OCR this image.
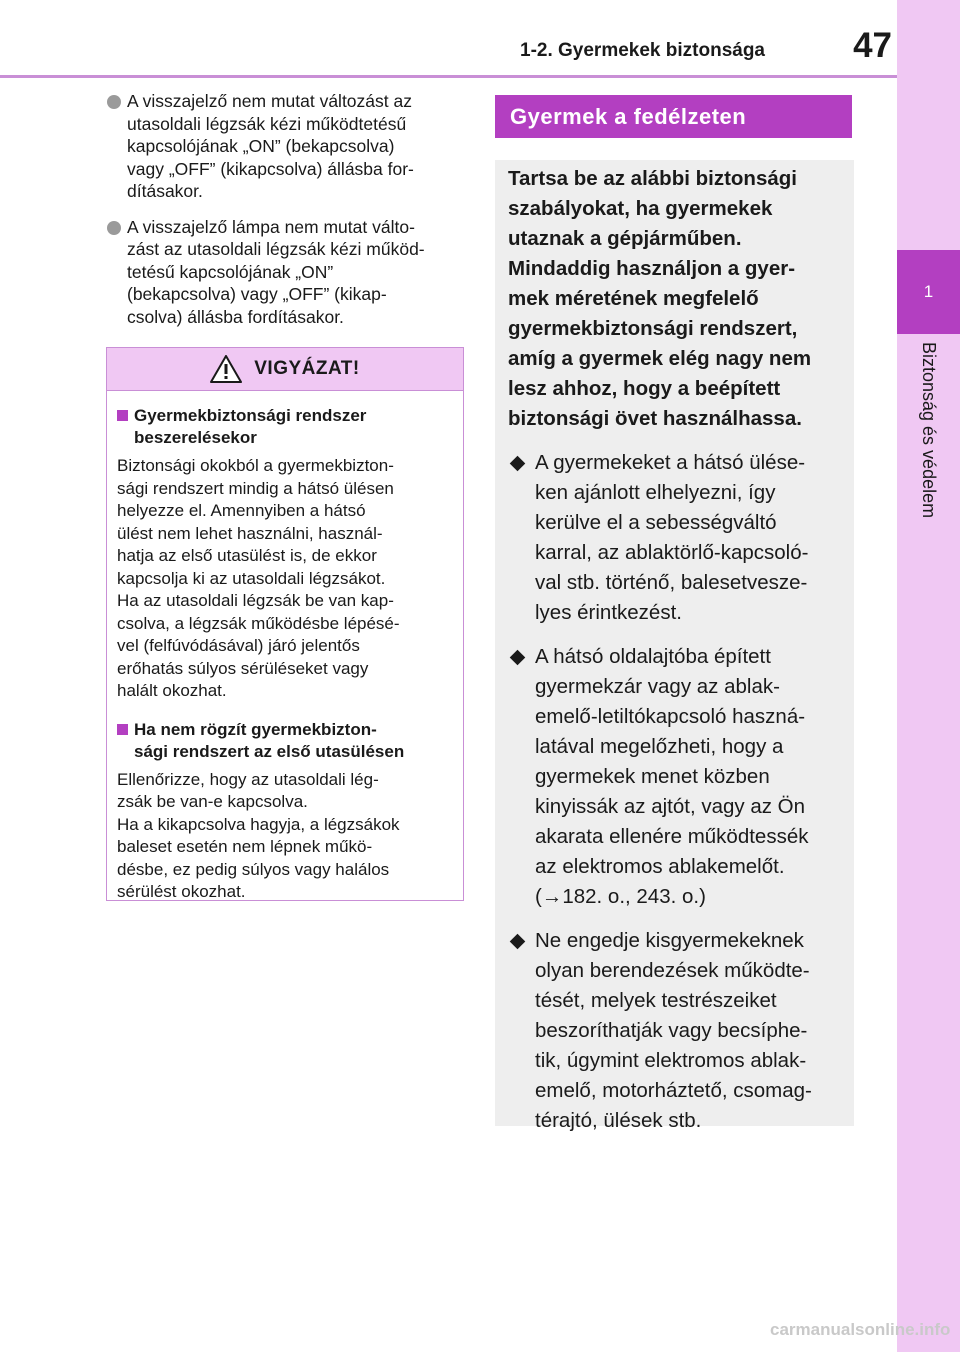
1-2. Gyermekek biztonsága	47
1
Biztonság és védelem
A visszajelző nem mutat változást az
utasoldali légzsák kézi működtetésű
kapcsolójának „ON” (bekapcsolva)
vagy „OFF” (kikapcsolva) állásba for-
dításakor.
A visszajelző lámpa nem mutat válto-
zást az utasoldali légzsák kézi működ-
tetésű kapcsolójának „ON”
(bekapcsolva) vagy „OFF” (kikap-
csolva) állásba fordításakor.
VIGYÁZAT!
Gyermekbiztonsági rendszer
beszerelésekor
Biztonsági okokból a gyermekbizton-
sági rendszert mindig a hátsó ülésen
helyezze el. Amennyiben a hátsó
ülést nem lehet használni, használ-
hatja az első utasülést is, de ekkor
kapcsolja ki az utasoldali légzsákot.
Ha az utasoldali légzsák be van kap-
csolva, a légzsák működésbe lépésé-
vel (felfúvódásával) járó jelentős
erőhatás súlyos sérüléseket vagy
halált okozhat.
Ha nem rögzít gyermekbizton-
sági rendszert az első utasülésen
Ellenőrizze, hogy az utasoldali lég-
zsák be van-e kapcsolva.
Ha a kikapcsolva hagyja, a légzsákok
baleset esetén nem lépnek műkö-
désbe, ez pedig súlyos vagy halálos
sérülést okozhat.
Gyermek a fedélzeten
Tartsa be az alábbi biztonsági
szabályokat, ha gyermekek
utaznak a gépjárműben.
Mindaddig használjon a gyer-
mek méretének megfelelő
gyermekbiztonsági rendszert,
amíg a gyermek elég nagy nem
lesz ahhoz, hogy a beépített
biztonsági övet használhassa.
A gyermekeket a hátsó ülése-
ken ajánlott elhelyezni, így
kerülve el a sebességváltó
karral, az ablaktörlő-kapcsoló-
val stb. történő, balesetvesze-
lyes érintkezést.
A hátsó oldalajtóba épített
gyermekzár vagy az ablak-
emelő-letiltókapcsoló haszná-
latával megelőzheti, hogy a
gyermekek menet közben
kinyissák az ajtót, vagy az Ön
akarata ellenére működtessék
az elektromos ablakemelőt.
(→182. o., 243. o.)
Ne engedje kisgyermekeknek
olyan berendezések működte-
tését, melyek testrészeiket
beszoríthatják vagy becsíphe-
tik, úgymint elektromos ablak-
emelő, motorháztető, csomag-
térajtó, ülések stb.
carmanualsonline.info
